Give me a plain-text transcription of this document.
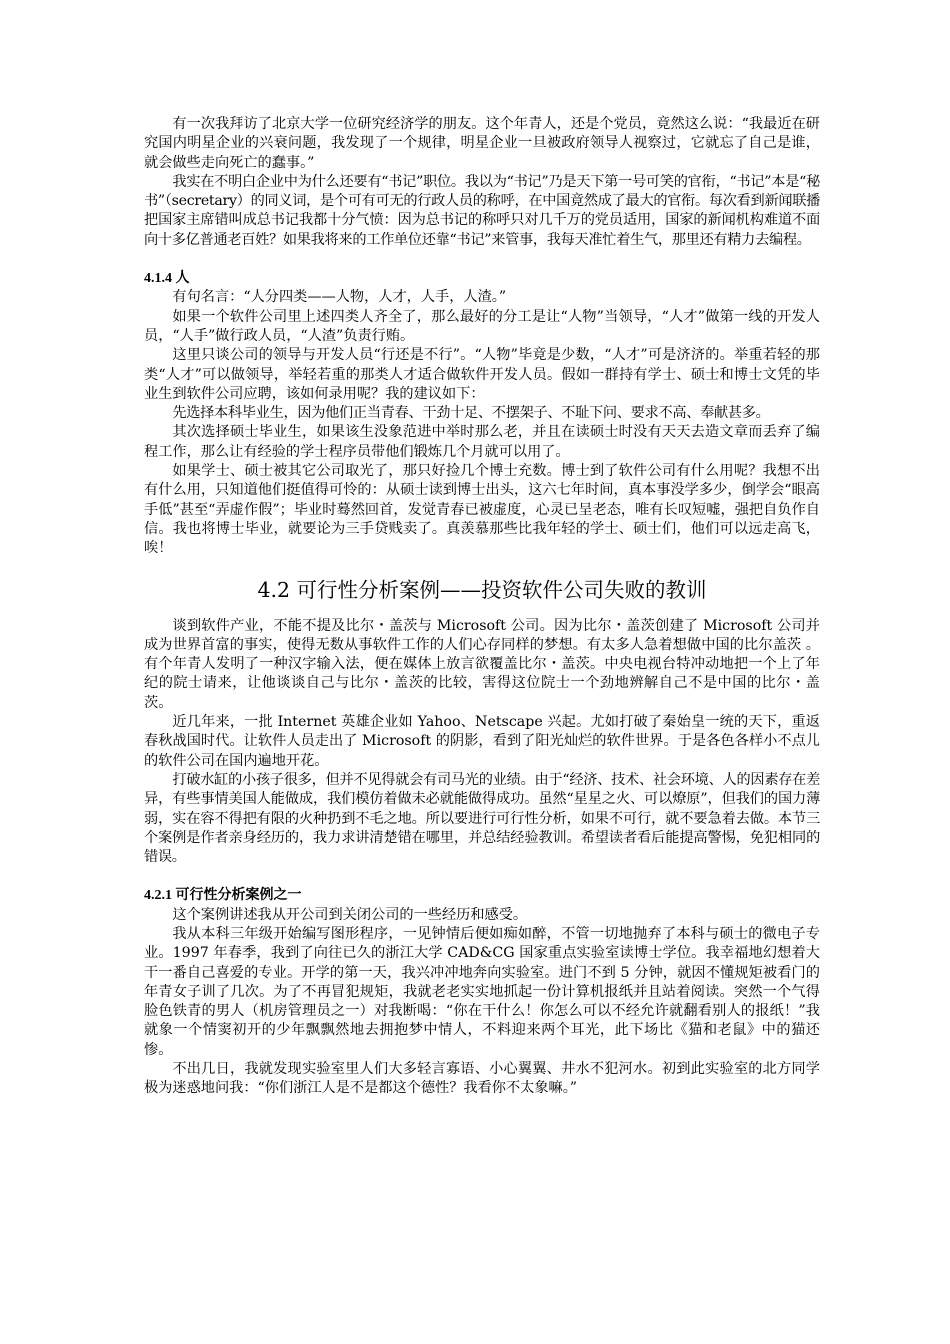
有一次我拜访了北京大学一位研究经济学的朋友。这个年青人，还是个党员，竟然这么说：“我最近在研究国内明星企业的兴衰问题，我发现了一个规律，明星企业一旦被政府领导人视察过，它就忘了自己是谁，就会做些走向死亡的蠢事。”

我实在不明白企业中为什么还要有“书记”职位。我以为“书记”乃是天下第一号可笑的官衔，“书记”本是“秘书”（secretary）的同义词，是个可有可无的行政人员的称呼，在中国竟然成了最大的官衔。每次看到新闻联播把国家主席错叫成总书记我都十分气愤：因为总书记的称呼只对几千万的党员适用，国家的新闻机构难道不面向十多亿普通老百姓？如果我将来的工作单位还靠“书记”来管事，我每天准忙着生气，那里还有精力去编程。

4.1.4 人

有句名言：“人分四类——人物，人才，人手，人渣。”

如果一个软件公司里上述四类人齐全了，那么最好的分工是让“人物”当领导，“人才”做第一线的开发人员，“人手”做行政人员，“人渣”负责行贿。

这里只谈公司的领导与开发人员“行还是不行”。“人物”毕竟是少数，“人才”可是济济的。举重若轻的那类“人才”可以做领导，举轻若重的那类人才适合做软件开发人员。假如一群持有学士、硕士和博士文凭的毕业生到软件公司应聘，该如何录用呢？我的建议如下：

先选择本科毕业生，因为他们正当青春、干劲十足、不摆架子、不耻下问、要求不高、奉献甚多。

其次选择硕士毕业生，如果该生没象范进中举时那么老，并且在读硕士时没有天天去造文章而丢弃了编程工作，那么让有经验的学士程序员带他们锻炼几个月就可以用了。

如果学士、硕士被其它公司取光了，那只好捡几个博士充数。博士到了软件公司有什么用呢？我想不出有什么用，只知道他们挺值得可怜的：从硕士读到博士出头，这六七年时间，真本事没学多少，倒学会“眼高手低”甚至“弄虚作假”；毕业时蓦然回首，发觉青春已被虚度，心灵已呈老态，唯有长叹短嘘，强把自负作自信。我也将博士毕业，就要论为三手贷贱卖了。真羡慕那些比我年轻的学士、硕士们，他们可以远走高飞，唉！

4.2 可行性分析案例——投资软件公司失败的教训

谈到软件产业，不能不提及比尔・盖茨与 Microsoft 公司。因为比尔・盖茨创建了 Microsoft 公司并成为世界首富的事实，使得无数从事软件工作的人们心存同样的梦想。有太多人急着想做中国的比尔盖茨 。有个年青人发明了一种汉字输入法，便在媒体上放言欲覆盖比尔・盖茨。中央电视台特冲动地把一个上了年纪的院士请来，让他谈谈自己与比尔・盖茨的比较，害得这位院士一个劲地辨解自己不是中国的比尔・盖茨。

近几年来，一批 Internet 英雄企业如 Yahoo、Netscape 兴起。尤如打破了秦始皇一统的天下，重返春秋战国时代。让软件人员走出了 Microsoft 的阴影，看到了阳光灿烂的软件世界。于是各色各样小不点儿的软件公司在国内遍地开花。

打破水缸的小孩子很多，但并不见得就会有司马光的业绩。由于“经济、技术、社会环境、人的因素存在差异，有些事情美国人能做成，我们模仿着做未必就能做得成功。虽然“星星之火、可以燎原”，但我们的国力薄弱，实在容不得把有限的火种扔到不毛之地。所以要进行可行性分析，如果不可行，就不要急着去做。本节三个案例是作者亲身经历的，我力求讲清楚错在哪里，并总结经验教训。希望读者看后能提高警惕，免犯相同的错误。

4.2.1 可行性分析案例之一

这个案例讲述我从开公司到关闭公司的一些经历和感受。

我从本科三年级开始编写图形程序，一见钟情后便如痴如醉，不管一切地抛弃了本科与硕士的微电子专业。1997 年春季，我到了向往已久的浙江大学 CAD&CG 国家重点实验室读博士学位。我幸福地幻想着大干一番自己喜爱的专业。开学的第一天，我兴冲冲地奔向实验室。进门不到 5 分钟，就因不懂规矩被看门的年青女子训了几次。为了不再冒犯规矩，我就老老实实地抓起一份计算机报纸并且站着阅读。突然一个气得脸色铁青的男人（机房管理员之一）对我断喝：“你在干什么！你怎么可以不经允许就翻看别人的报纸！”我就象一个情窦初开的少年飘飘然地去拥抱梦中情人，不料迎来两个耳光，此下场比《猫和老鼠》中的猫还惨。

不出几日，我就发现实验室里人们大多轻言寡语、小心翼翼、井水不犯河水。初到此实验室的北方同学极为迷惑地问我：“你们浙江人是不是都这个德性？我看你不太象嘛。”
